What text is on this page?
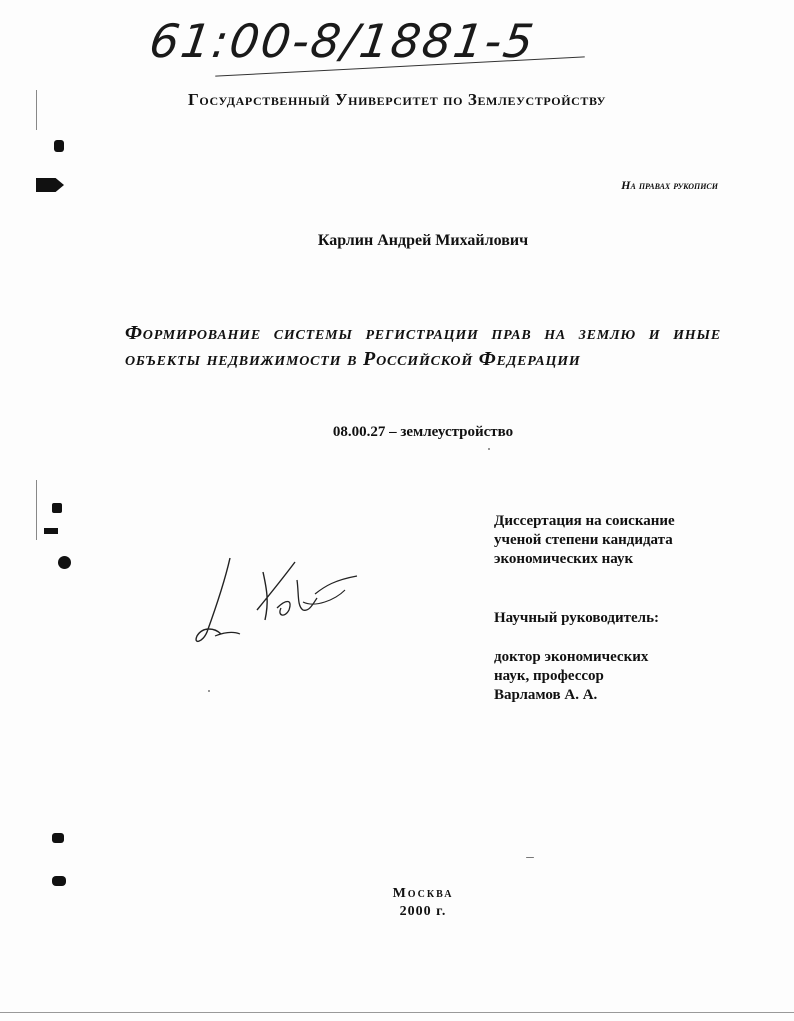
61:00-8/1881-5
Государственный Университет по Землеустройству
На правах рукописи
Карлин Андрей Михайлович
Формирование системы регистрации прав на землю и иные объекты недвижимости в Российской Федерации
08.00.27 – землеустройство
Диссертация на соискание
ученой степени кандидата
экономических наук
Научный руководитель:
доктор экономических
наук, профессор
Варламов А. А.
Москва
2000 г.
